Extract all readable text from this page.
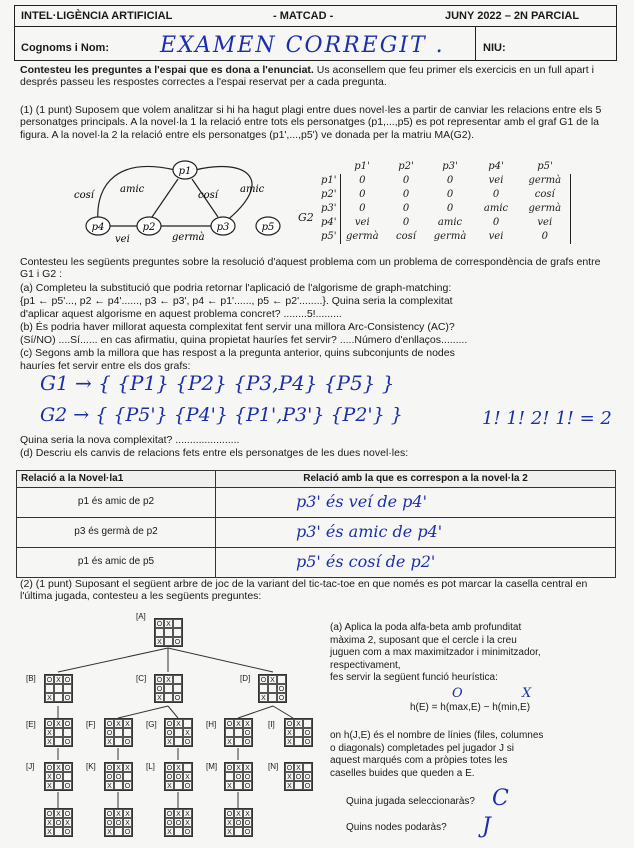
INTEL·LIGÈNCIA ARTIFICIAL	- MATCAD -	JUNY 2022 – 2N PARCIAL
Cognoms i Nom: EXAMEN CORREGIT .	NIU:
Contesteu les preguntes a l'espai que es dona a l'enunciat. Us aconsellem que feu primer els exercicis en un full apart i després passeu les respostes correctes a l'espai reservat per a cada pregunta.
(1) (1 punt) Suposem que volem analitzar si hi ha hagut plagi entre dues novel·les a partir de canviar les relacions entre els 5 personatges principals. A la novel·la 1 la relació entre tots els personatges (p1,...,p5) es pot representar amb el graf G1 de la figura. A la novel·la 2 la relació entre els personatges (p1',...,p5') ve donada per la matriu MA(G2).
p1
p2	p3
p4	p5
cosí
amic
cosí
amic
vei	germà
G2
	p1'	p2'	p3'	p4'	p5'
p1'	0	0	0	vei	germà
p2'	0	0	0	0	cosí
p3'	0	0	0	amic	germà
p4'	vei	0	amic	0	vei
p5'	germà	cosí	germà	vei	0
Contesteu les següents preguntes sobre la resolució d'aquest problema com un problema de correspondència de grafs entre G1 i G2 :
(a) Completeu la substitució que podria retornar l'aplicació de l'algorisme de graph-matching:
{p1 ← p5'..., p2 ← p4'......, p3 ← p3', p4 ← p1'......, p5 ← p2'........}. Quina seria la complexitat
d'aplicar aquest algorisme en aquest problema concret? ........5!.........
(b) És podria haver millorat aquesta complexitat fent servir una millora Arc-Consistency (AC)?
(Sí/NO) ....Sí...... en cas afirmatiu, quina propietat hauríes fet servir? .....Número d'enllaços.........
(c) Segons amb la millora que has respost a la pregunta anterior, quins subconjunts de nodes
hauríes fet servir entre els dos grafs:
G1 → { {P1} {P2} {P3,P4} {P5} }
G2 → { {P5'} {P4'} {P1',P3'} {P2'} }	1! 1! 2! 1! = 2
Quina seria la nova complexitat? ......................
(d) Descriu els canvis de relacions fets entre els personatges de les dues novel·les:
Relació a la Novel·la1	Relació amb la que es correspon a la novel·la 2
p1 és amic de p2	p3' és veí de p4'
p3 és germà de p2	p3' és amic de p4'
p1 és amic de p5	p5' és cosí de p2'
(2) (1 punt) Suposant el següent arbre de joc de la variant del tic-tac-toe en que només es pot marcar la casella central en l'última jugada, contesteu a les següents preguntes:
[A]
O X
X	O
[B] O X O
X	O
[C] O X
O
X	O
[D] O X
O
X	O
[E] O X O
X
X	O
[F] O X X
O
X	O
[G] O X
O	X
X	O
[H] O X X
O
X	O
[I] O X
X	O
X	O
[J] O X O
X O
X	O
[K] O X X
O O
X	O
[L] O X
O O X
X	O
[M] O X X
O O
X	O
[N] O X
X O O
X	O
O X O
X O X
X	O
O X X
O O X
X	O
O X X
O O X
X	O
O X X
X O O
X	O
(a) Aplica la poda alfa-beta amb profunditat
màxima 2, suposant que el cercle i la creu
juguen com a max maximitzador i minimitzador,
respectivament,
fes servir la següent funció heurística:
O	X
h(E) = h(max,E) − h(min,E)
on h(J,E) és el nombre de línies (files, columnes
o diagonals) completades pel jugador J si
aquest marqués com a pròpies totes les
caselles buides que queden a E.
Quina jugada seleccionaràs? C
Quins nodes podaràs? J
